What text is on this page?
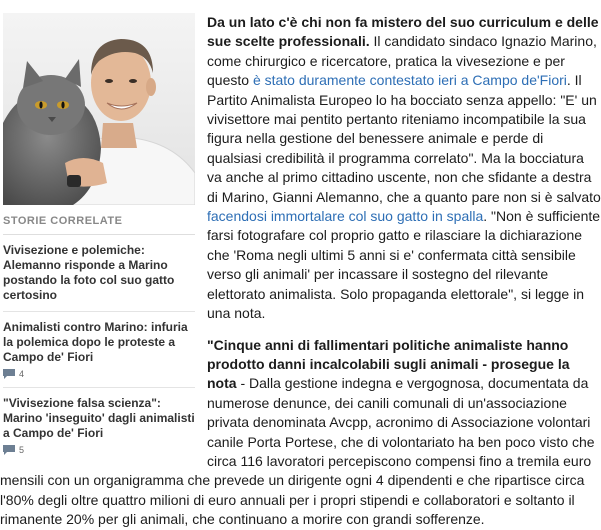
STORIE CORRELATE
Vivisezione e polemiche: Alemanno risponde a Marino postando la foto col suo gatto certosino
Animalisti contro Marino: infuria la polemica dopo le proteste a Campo de' Fiori
4
"Vivisezione falsa scienza": Marino 'inseguito' dagli animalisti a Campo de' Fiori
5

Da un lato c'è chi non fa mistero del suo curriculum e delle sue scelte professionali. Il candidato sindaco Ignazio Marino, come chirurgico e ricercatore, pratica la vivesezione e per questo è stato duramente contestato ieri a Campo de'Fiori. Il Partito Animalista Europeo lo ha bocciato senza appello: "E' un vivisettore mai pentito pertanto riteniamo incompatibile la sua figura nella gestione del benessere animale e perde di qualsiasi credibilità il programma correlato". Ma la bocciatura va anche al primo cittadino uscente, non che sfidante a destra di Marino, Gianni Alemanno, che a quanto pare non si è salvato facendosi immortalare col suo gatto in spalla. "Non è sufficiente farsi fotografare col proprio gatto e rilasciare la dichiarazione che 'Roma negli ultimi 5 anni si e' confermata città sensibile verso gli animali' per incassare il sostegno del rilevante elettorato animalista. Solo propaganda elettorale", si legge in una nota.

"Cinque anni di fallimentari politiche animaliste hanno prodotto danni incalcolabili sugli animali - prosegue la nota - Dalla gestione indegna e vergognosa, documentata da numerose denunce, dei canili comunali di un'associazione privata denominata Avcpp, acronimo di Associazione volontari canile Porta Portese, che di volontariato ha ben poco visto che circa 116 lavoratori percepiscono compensi fino a tremila euro mensili con un organigramma che prevede un dirigente ogni 4 dipendenti e che ripartisce circa l'80% degli oltre quattro milioni di euro annuali per i propri stipendi e collaboratori e soltanto il rimanente 20% per gli animali, che continuano a morire con grandi sofferenze.
